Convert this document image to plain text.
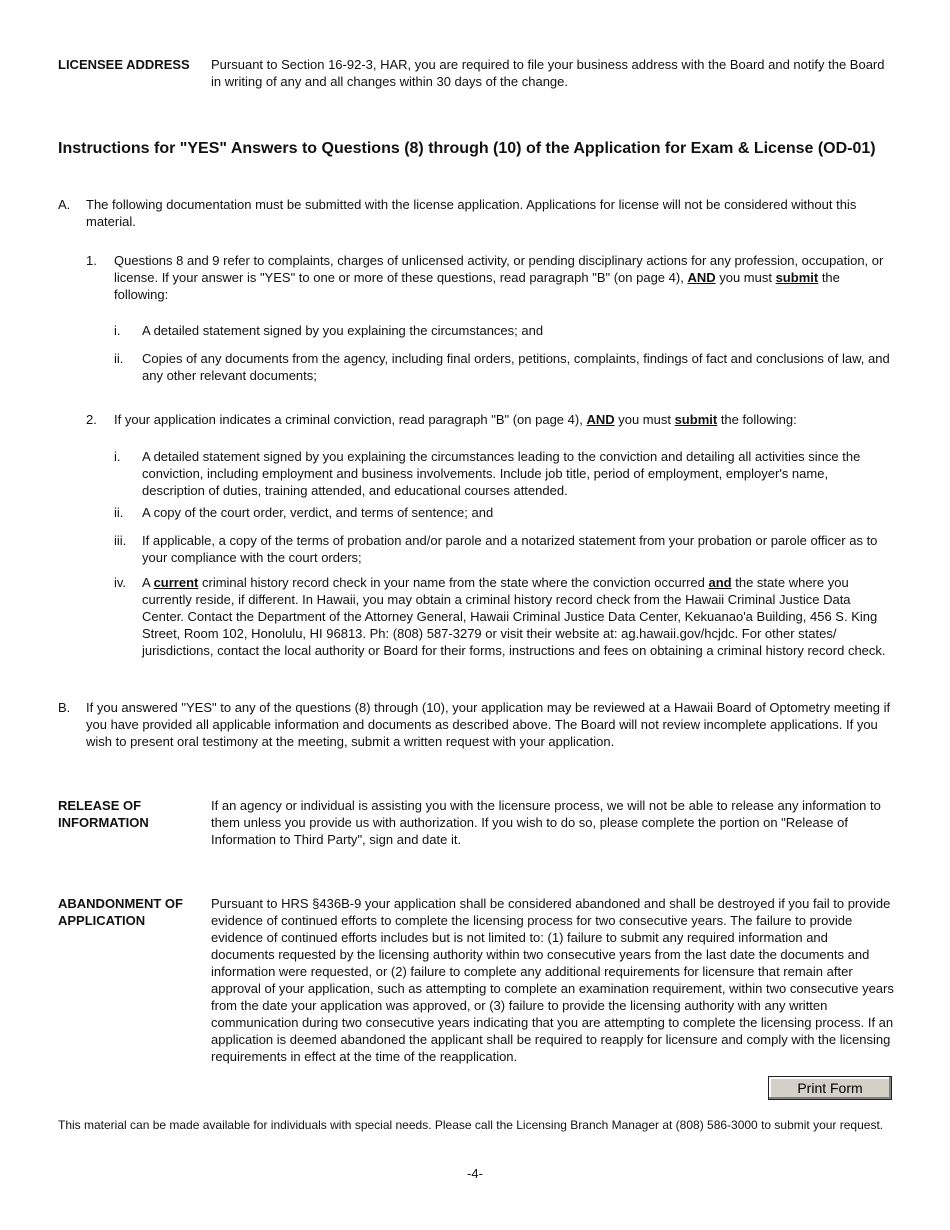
LICENSEE ADDRESS Pursuant to Section 16-92-3, HAR, you are required to file your business address with the Board and notify the Board in writing of any and all changes within 30 days of the change.

Instructions for "YES" Answers to Questions (8) through (10) of the Application for Exam & License (OD-01)
A. The following documentation must be submitted with the license application. Applications for license will not be considered without this material.

1. Questions 8 and 9 refer to complaints, charges of unlicensed activity, or pending disciplinary actions for any profession, occupation, or license. If your answer is "YES" to one or more of these questions, read paragraph "B" (on page 4), AND you must submit the following:

i. A detailed statement signed by you explaining the circumstances; and

ii. Copies of any documents from the agency, including final orders, petitions, complaints, findings of fact and conclusions of law, and any other relevant documents;

2. If your application indicates a criminal conviction, read paragraph "B" (on page 4), AND you must submit the following:

i. A detailed statement signed by you explaining the circumstances leading to the conviction and detailing all activities since the conviction, including employment and business involvements. Include job title, period of employment, employer's name, description of duties, training attended, and educational courses attended.

ii. A copy of the court order, verdict, and terms of sentence; and

iii. If applicable, a copy of the terms of probation and/or parole and a notarized statement from your probation or parole officer as to your compliance with the court orders;

iv. A current criminal history record check in your name from the state where the conviction occurred and the state where you currently reside, if different. In Hawaii, you may obtain a criminal history record check from the Hawaii Criminal Justice Data Center. Contact the Department of the Attorney General, Hawaii Criminal Justice Data Center, Kekuanao'a Building, 456 S. King Street, Room 102, Honolulu, HI 96813. Ph: (808) 587-3279 or visit their website at: ag.hawaii.gov/hcjdc. For other states/ jurisdictions, contact the local authority or Board for their forms, instructions and fees on obtaining a criminal history record check.

B. If you answered "YES" to any of the questions (8) through (10), your application may be reviewed at a Hawaii Board of Optometry meeting if you have provided all applicable information and documents as described above. The Board will not review incomplete applications. If you wish to present oral testimony at the meeting, submit a written request with your application.

RELEASE OF
INFORMATION

If an agency or individual is assisting you with the licensure process, we will not be able to release any information to them unless you provide us with authorization. If you wish to do so, please complete the portion on "Release of Information to Third Party", sign and date it.

ABANDONMENT OF
APPLICATION

Pursuant to HRS §436B-9 your application shall be considered abandoned and shall be destroyed if you fail to provide evidence of continued efforts to complete the licensing process for two consecutive years. The failure to provide evidence of continued efforts includes but is not limited to: (1) failure to submit any required information and documents requested by the licensing authority within two consecutive years from the last date the documents and information were requested, or (2) failure to complete any additional requirements for licensure that remain after approval of your application, such as attempting to complete an examination requirement, within two consecutive years from the date your application was approved, or (3) failure to provide the licensing authority with any written communication during two consecutive years indicating that you are attempting to complete the licensing process. If an application is deemed abandoned the applicant shall be required to reapply for licensure and comply with the licensing requirements in effect at the time of the reapplication.

Print Form
This material can be made available for individuals with special needs. Please call the Licensing Branch Manager at (808) 586-3000 to submit your request.
-4-
